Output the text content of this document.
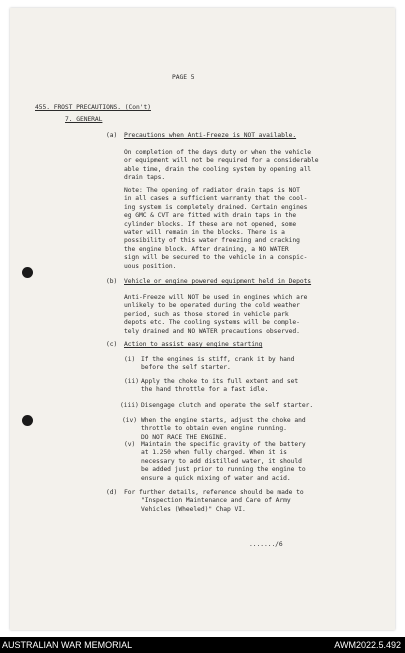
PAGE 5
455. FROST PRECAUTIONS. (Con't)
7. GENERAL
(a) Precautions when Anti-Freeze is NOT available.
On completion of the days duty or when the vehicle
or equipment will not be required for a considerable
able time, drain the cooling system by opening all
drain taps.
Note: The opening of radiator drain taps is NOT
in all cases a sufficient warranty that the cool-
ing system is completely drained. Certain engines
eg GMC & CVT are fitted with drain taps in the
cylinder blocks. If these are not opened, some
water will remain in the blocks. There is a
possibility of this water freezing and cracking
the engine block. After draining, a NO WATER
sign will be secured to the vehicle in a conspic-
uous position.
(b) Vehicle or engine powered equipment held in Depots
Anti-Freeze will NOT be used in engines which are
unlikely to be operated during the cold weather
period, such as those stored in vehicle park
depots etc. The cooling systems will be comple-
tely drained and NO WATER precautions observed.
(c) Action to assist easy engine starting
(i) If the engines is stiff, crank it by hand
before the self starter.
(ii) Apply the choke to its full extent and set
the hand throttle for a fast idle.
(iii) Disengage clutch and operate the self starter.
(iv) When the engine starts, adjust the choke and
throttle to obtain even engine running.
DO NOT RACE THE ENGINE.
(v) Maintain the specific gravity of the battery
at 1.250 when fully charged. When it is
necessary to add distilled water, it should
be added just prior to running the engine to
ensure a quick mixing of water and acid.
(d) For further details, reference should be made to
"Inspection Maintenance and Care of Army
Vehicles (Wheeled)" Chap VI.
......./6
AUSTRALIAN WAR MEMORIAL	AWM2022.5.492
